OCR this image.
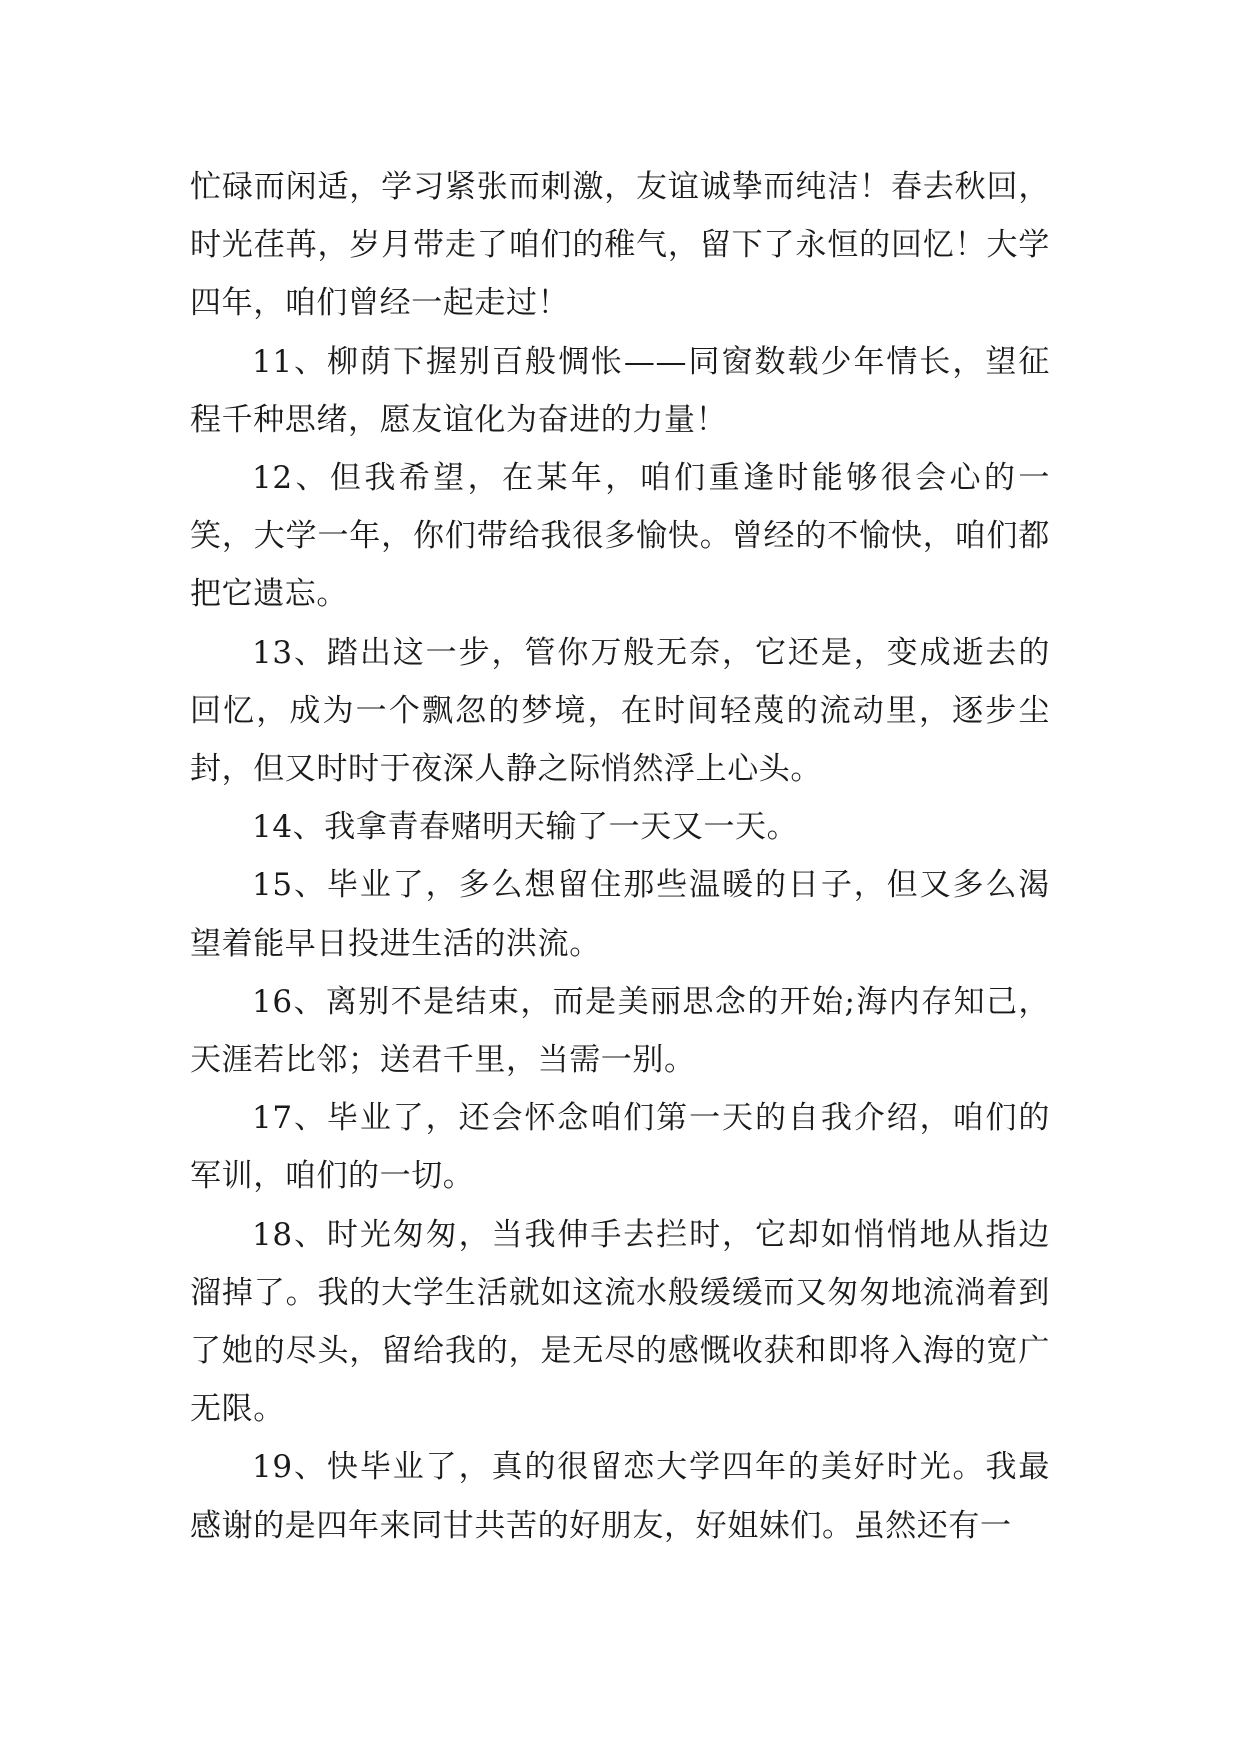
忙碌而闲适，学习紧张而刺激，友谊诚挚而纯洁！春去秋回，时光荏苒，岁月带走了咱们的稚气，留下了永恒的回忆！大学四年，咱们曾经一起走过！

11、柳荫下握别百般惆怅——同窗数载少年情长，望征程千种思绪，愿友谊化为奋进的力量！

12、但我希望，在某年，咱们重逢时能够很会心的一笑，大学一年，你们带给我很多愉快。曾经的不愉快，咱们都把它遗忘。

13、踏出这一步，管你万般无奈，它还是，变成逝去的回忆，成为一个飘忽的梦境，在时间轻蔑的流动里，逐步尘封，但又时时于夜深人静之际悄然浮上心头。

14、我拿青春赌明天输了一天又一天。

15、毕业了，多么想留住那些温暖的日子，但又多么渴望着能早日投进生活的洪流。

16、离别不是结束，而是美丽思念的开始;海内存知己，天涯若比邻；送君千里，当需一别。

17、毕业了，还会怀念咱们第一天的自我介绍，咱们的军训，咱们的一切。

18、时光匆匆，当我伸手去拦时，它却如悄悄地从指边溜掉了。我的大学生活就如这流水般缓缓而又匆匆地流淌着到了她的尽头，留给我的，是无尽的感慨收获和即将入海的宽广无限。

19、快毕业了，真的很留恋大学四年的美好时光。我最感谢的是四年来同甘共苦的好朋友，好姐妹们。虽然还有一
